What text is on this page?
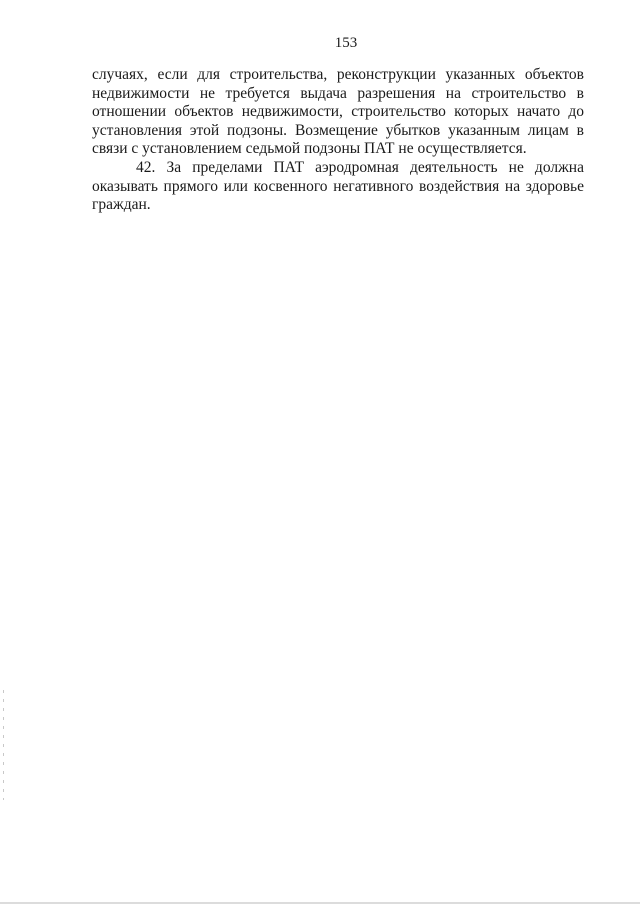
153

случаях, если для строительства, реконструкции указанных объектов недвижимости не требуется выдача разрешения на строительство в отношении объектов недвижимости, строительство которых начато до установления этой подзоны. Возмещение убытков указанным лицам в связи с установлением седьмой подзоны ПАТ не осуществляется.

42. За пределами ПАТ аэродромная деятельность не должна оказывать прямого или косвенного негативного воздействия на здоровье граждан.
